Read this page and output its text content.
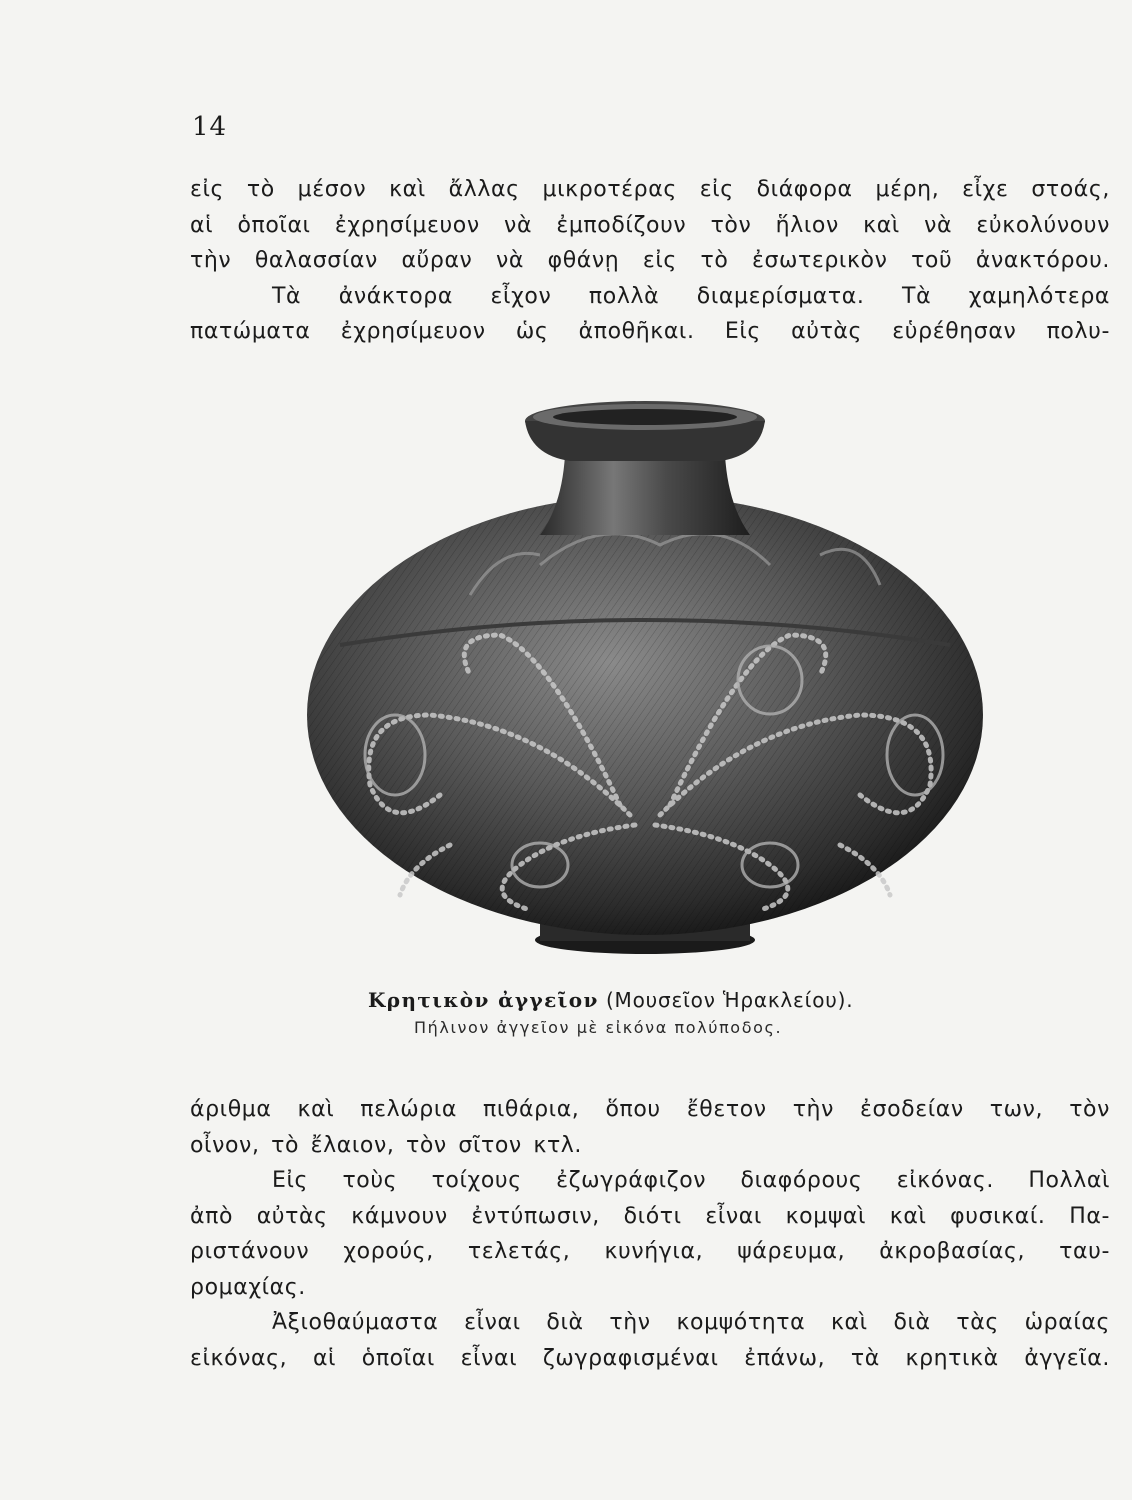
14
εἰς τὸ μέσον καὶ ἄλλας μικροτέρας εἰς διάφορα μέρη, εἶχε στοάς,
αἱ ὁποῖαι ἐχρησίμευον νὰ ἐμποδίζουν τὸν ἥλιον καὶ νὰ εὐκολύνουν
τὴν θαλασσίαν αὔραν νὰ φθάνῃ εἰς τὸ ἐσωτερικὸν τοῦ ἀνακτόρου.
Τὰ ἀνάκτορα εἶχον πολλὰ διαμερίσματα. Τὰ χαμηλότερα
πατώματα ἐχρησίμευον ὡς ἀποθῆκαι. Εἰς αὐτὰς εὑρέθησαν πολυ-
Κρητικὸν ἀγγεῖον (Μουσεῖον Ἡρακλείου).
Πήλινον ἀγγεῖον μὲ εἰκόνα πολύποδος.
άριθμα καὶ πελώρια πιθάρια, ὅπου ἔθετον τὴν ἐσοδείαν των, τὸν
οἶνον, τὸ ἔλαιον, τὸν σῖτον κτλ.
Εἰς τοὺς τοίχους ἐζωγράφιζον διαφόρους εἰκόνας. Πολλαὶ
ἀπὸ αὐτὰς κάμνουν ἐντύπωσιν, διότι εἶναι κομψαὶ καὶ φυσικαί. Πα-
ριστάνουν χορούς, τελετάς, κυνήγια, ψάρευμα, ἀκροβασίας, ταυ-
ρομαχίας.
Ἀξιοθαύμαστα εἶναι διὰ τὴν κομψότητα καὶ διὰ τὰς ὡραίας
εἰκόνας, αἱ ὁποῖαι εἶναι ζωγραφισμέναι ἐπάνω, τὰ κρητικὰ ἀγγεῖα.
